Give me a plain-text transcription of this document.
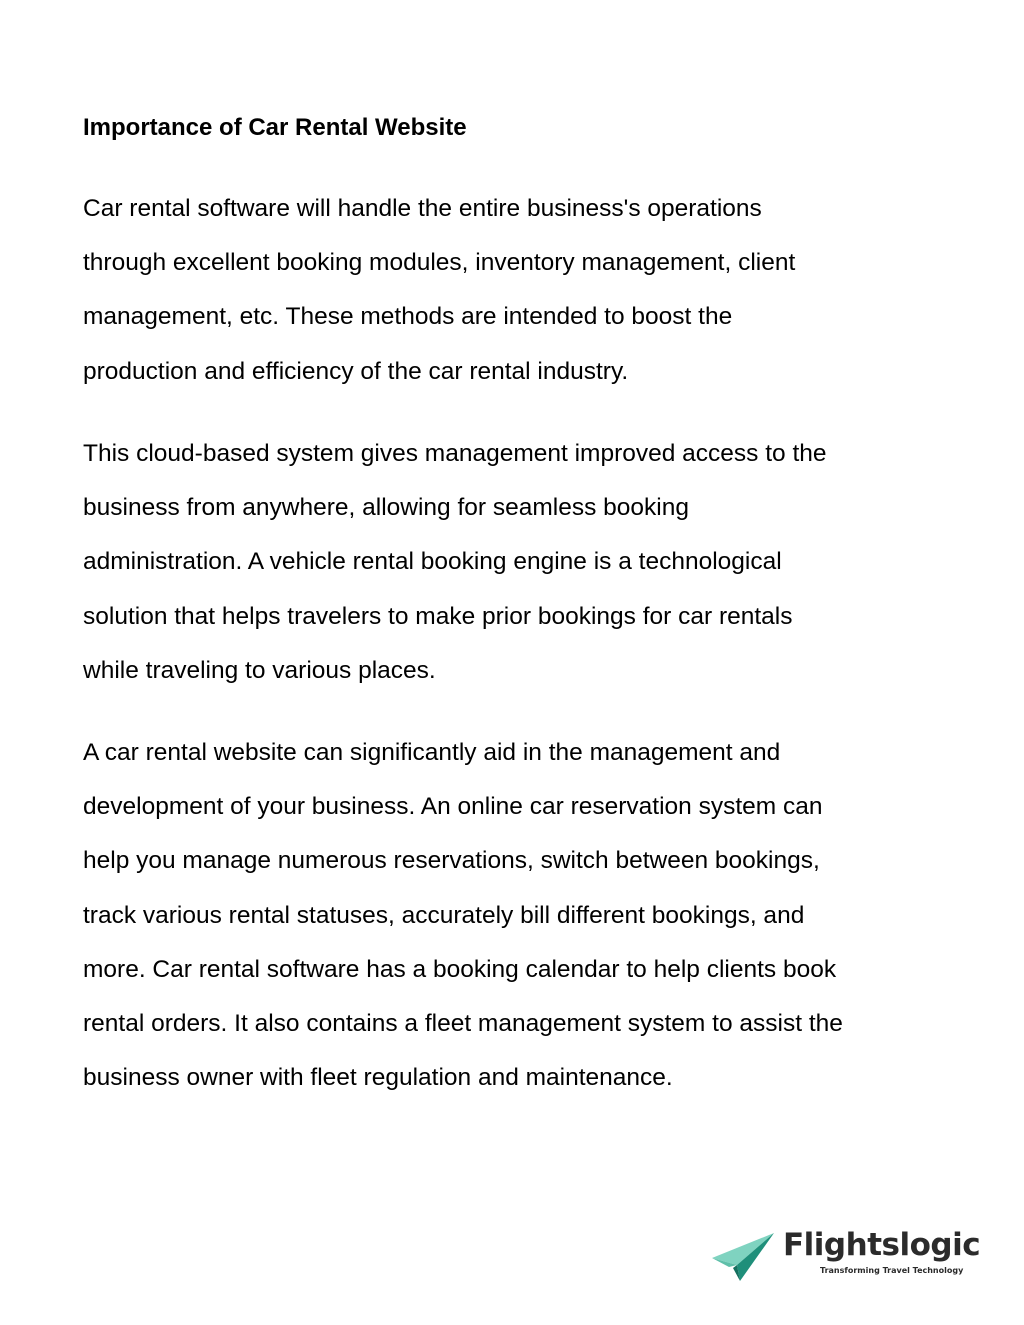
Importance of Car Rental Website

Car rental software will handle the entire business's operations
through excellent booking modules, inventory management, client
management, etc. These methods are intended to boost the
production and efficiency of the car rental industry.

This cloud-based system gives management improved access to the
business from anywhere, allowing for seamless booking
administration. A vehicle rental booking engine is a technological
solution that helps travelers to make prior bookings for car rentals
while traveling to various places.

A car rental website can significantly aid in the management and
development of your business. An online car reservation system can
help you manage numerous reservations, switch between bookings,
track various rental statuses, accurately bill different bookings, and
more. Car rental software has a booking calendar to help clients book
rental orders. It also contains a fleet management system to assist the
business owner with fleet regulation and maintenance.

Flightslogic
Transforming Travel Technology
